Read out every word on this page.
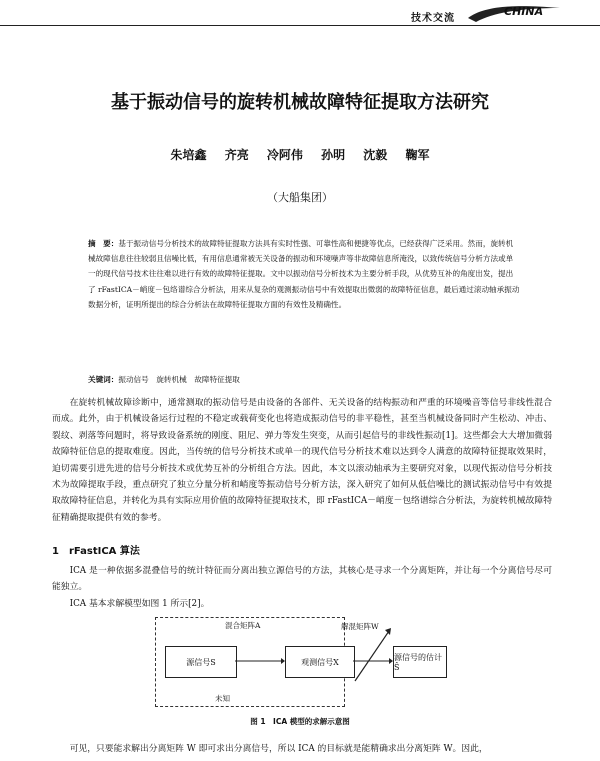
技术交流
CHINA
基于振动信号的旋转机械故障特征提取方法研究
朱培鑫 齐亮 冷阿伟 孙明 沈毅 鞠军
（大船集团）
摘　要：基于振动信号分析技术的故障特征提取方法具有实时性强、可靠性高和便捷等优点，已经获得广泛采用。然而，旋转机械故障信息往往较弱且信噪比低，有用信息通常被无关设备的振动和环境噪声等非故障信息所淹没，以致传统信号分析方法或单一的现代信号技术往往难以进行有效的故障特征提取。文中以振动信号分析技术为主要分析手段，从优势互补的角度出发，提出了 rFastICA－峭度－包络谱综合分析法，用来从复杂的观测振动信号中有效提取出微弱的故障特征信息，最后通过滚动轴承振动数据分析，证明所提出的综合分析法在故障特征提取方面的有效性及精确性。
关键词：振动信号　旋转机械　故障特征提取
在旋转机械故障诊断中，通常测取的振动信号是由设备的各部件、无关设备的结构振动和严重的环境噪音等信号非线性混合而成。此外，由于机械设备运行过程的不稳定或载荷变化也将造成振动信号的非平稳性，甚至当机械设备同时产生松动、冲击、裂纹、剥落等问题时，将导致设备系统的刚度、阻尼、弹力等发生突变，从而引起信号的非线性振动[1]。这些都会大大增加微弱故障特征信息的提取难度。因此，当传统的信号分析技术或单一的现代信号分析技术难以达到令人满意的故障特征提取效果时，迫切需要引进先进的信号分析技术或优势互补的分析组合方法。因此，本文以滚动轴承为主要研究对象，以现代振动信号分析技术为故障提取手段，重点研究了独立分量分析和峭度等振动信号分析方法，深入研究了如何从低信噪比的测试振动信号中有效提取故障特征信息，并转化为具有实际应用价值的故障特征提取技术，即 rFastICA－峭度－包络谱综合分析法，为旋转机械故障特征精确提取提供有效的参考。
1　rFastICA 算法
ICA 是一种依据多混叠信号的统计特征而分离出独立源信号的方法，其核心是寻求一个分离矩阵，并让每一个分离信号尽可能独立。
ICA 基本求解模型如图 1 所示[2]。
混合矩阵A	解混矩阵W
源信号S	观测信号X	源信号的估计Ŝ
未知
图 1　ICA 模型的求解示意图
可见，只要能求解出分离矩阵 W 即可求出分离信号，所以 ICA 的目标就是能精确求出分离矩阵 W。因此，
